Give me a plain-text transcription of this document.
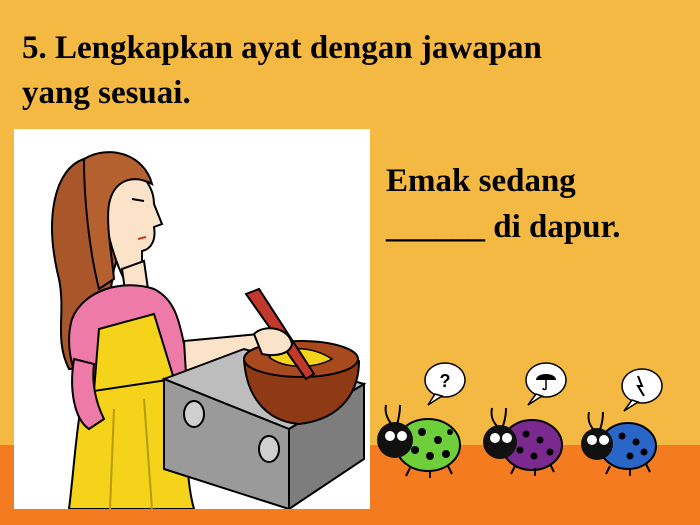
5. Lengkapkan ayat dengan jawapan
yang sesuai.
Emak sedang
______ di dapur.
?
